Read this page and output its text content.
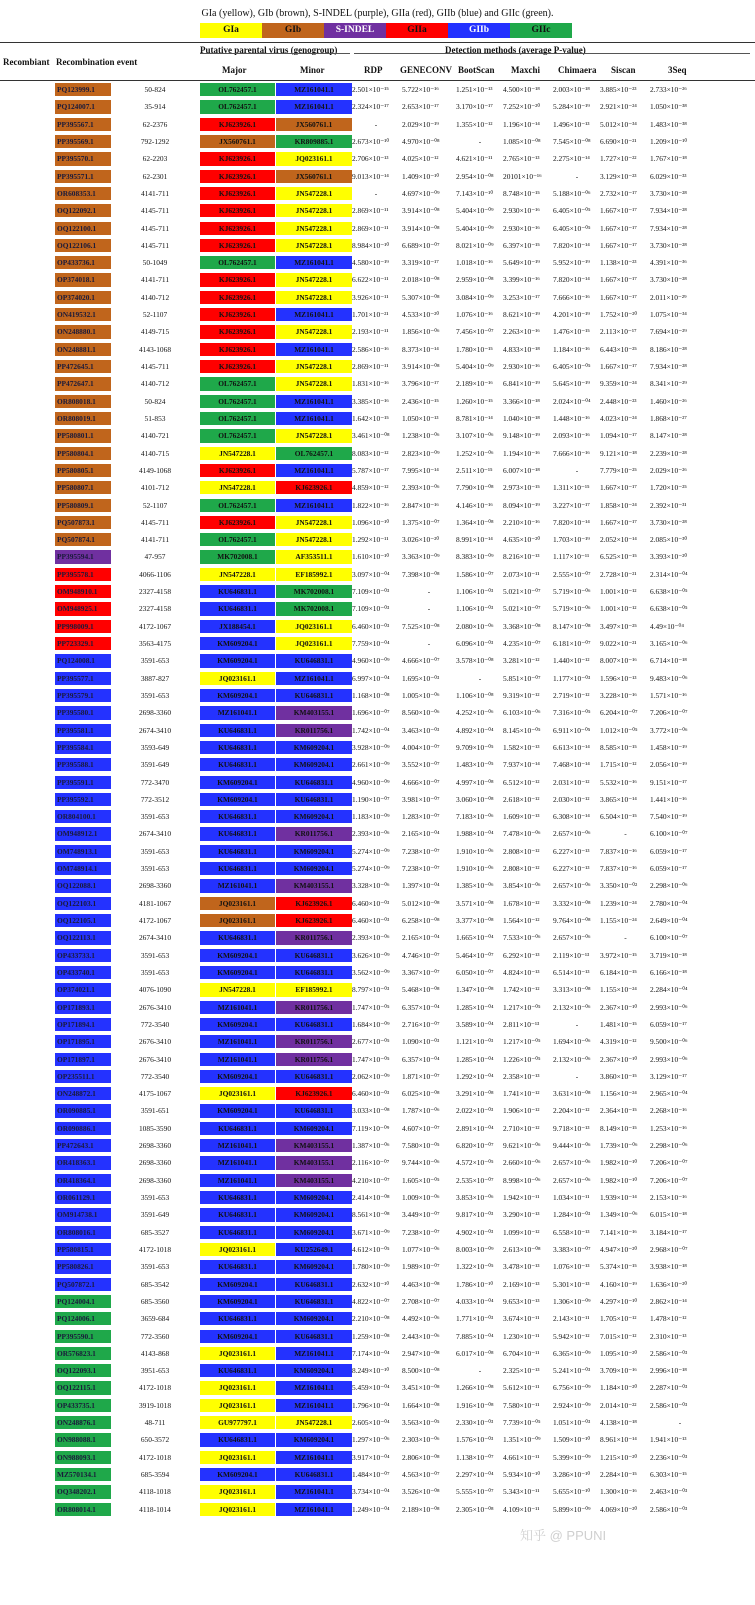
GIa (yellow), GIb (brown), S-INDEL (purple), GIIa (red), GIIb (blue) and GIIc (green).
GIa	GIb	S-INDEL	GIIa	GIIb	GIIc
Recombiant Recombination event
Putative parental virus (genogroup)
Major	Minor
Detection methods (average P-value)
RDP GENECONV BootScan Maxchi Chimaera Siscan	3Seq
PQ123999.1	50-824	OL762457.1	MZ161041.1	2.501×10⁻¹⁵	5.722×10⁻¹⁶	1.251×10⁻¹³	4.500×10⁻¹⁸	2.003×10⁻¹⁸	3.885×10⁻²³	2.733×10⁻²⁶
PQ124007.1	35-914	OL762457.1	MZ161041.1	2.324×10⁻¹⁷	2.653×10⁻¹⁷	3.170×10⁻¹⁷	7.252×10⁻²⁰	5.284×10⁻¹⁹	2.921×10⁻²⁴	1.050×10⁻³⁸
PP395567.1	62-2376	KJ623926.1	JX560761.1	-	2.029×10⁻¹⁹	1.355×10⁻¹²	1.196×10⁻¹⁴	1.496×10⁻¹³	5.012×10⁻³⁴	1.483×10⁻³⁸
PP395569.1	792-1292	JX560761.1	KR809885.1	2.673×10⁻¹⁰	4.970×10⁻⁰⁸	-	1.085×10⁻⁰⁸	7.545×10⁻⁰⁸	6.690×10⁻²¹	1.209×10⁻¹⁰
PP395570.1	62-2203	KJ623926.1	JQ023161.1	2.706×10⁻¹³	4.025×10⁻¹²	4.621×10⁻¹¹	2.765×10⁻¹³	2.275×10⁻¹⁴	1.727×10⁻²²	1.767×10⁻¹⁸
PP395571.1	62-2301	KJ623926.1	JX560761.1	9.013×10⁻¹⁴	1.409×10⁻¹⁰	2.954×10⁻⁰⁸	20101×10⁻¹⁶	-	3.129×10⁻²³	6.029×10⁻³³
OR608353.1	4141-711	KJ623926.1	JN547228.1	-	4.697×10⁻⁰⁹	7.143×10⁻¹⁰	8.748×10⁻¹⁵	5.188×10⁻⁰⁶	2.732×10⁻¹⁷	3.730×10⁻²⁸
OQ122092.1	4145-711	KJ623926.1	JN547228.1	2.869×10⁻¹¹	3.914×10⁻⁰⁸	5.404×10⁻⁰⁹	2.930×10⁻¹⁶	6.405×10⁻⁰⁵	1.667×10⁻¹⁷	7.934×10⁻²⁸
OQ122100.1	4145-711	KJ623926.1	JN547228.1	2.869×10⁻¹¹	3.914×10⁻⁰⁸	5.404×10⁻⁰⁹	2.930×10⁻¹⁶	6.405×10⁻⁰⁵	1.667×10⁻¹⁷	7.934×10⁻²⁸
OQ122106.1	4145-711	KJ623926.1	JN547228.1	8.984×10⁻¹⁰	6.689×10⁻⁰⁷	8.021×10⁻⁰⁹	6.397×10⁻¹⁵	7.820×10⁻¹⁴	1.667×10⁻¹⁷	3.730×10⁻²⁸
OP433736.1	50-1049	OL762457.1	MZ161041.1	4.580×10⁻¹⁹	3.319×10⁻¹⁷	1.018×10⁻¹⁶	5.649×10⁻¹⁹	5.952×10⁻¹⁹	1.138×10⁻²³	4.391×10⁻³⁶
OP374018.1	4141-711	KJ623926.1	JN547228.1	6.622×10⁻¹¹	2.018×10⁻⁰⁸	2.959×10⁻⁰⁸	3.399×10⁻¹⁶	7.820×10⁻¹⁴	1.667×10⁻¹⁷	3.730×10⁻²⁸
OP374020.1	4140-712	KJ623926.1	JN547228.1	3.926×10⁻¹¹	5.307×10⁻⁰⁸	3.084×10⁻⁰⁹	3.253×10⁻¹⁷	7.666×10⁻¹⁶	1.667×10⁻¹⁷	2.011×10⁻²⁹
ON419532.1	52-1107	KJ623926.1	MZ161041.1	1.701×10⁻²¹	4.533×10⁻²⁰	1.076×10⁻¹⁶	8.621×10⁻¹⁹	4.201×10⁻¹⁹	1.752×10⁻²⁰	1.075×10⁻³⁴
ON248880.1	4149-715	KJ623926.1	JN547228.1	2.193×10⁻¹¹	1.856×10⁻⁰⁶	7.456×10⁻⁰⁷	2.263×10⁻¹⁶	1.476×10⁻¹⁵	2.113×10⁻¹⁷	7.694×10⁻²⁹
ON248881.1	4143-1068	KJ623926.1	MZ161041.1	2.586×10⁻¹⁶	8.373×10⁻¹⁴	1.780×10⁻¹⁵	4.833×10⁻¹⁸	1.184×10⁻¹⁶	6.443×10⁻²⁵	8.186×10⁻²⁸
PP472645.1	4145-711	KJ623926.1	JN547228.1	2.869×10⁻¹¹	3.914×10⁻⁰⁸	5.404×10⁻⁰⁹	2.930×10⁻¹⁶	6.405×10⁻⁰⁵	1.667×10⁻¹⁷	7.934×10⁻²⁸
PP472647.1	4140-712	OL762457.1	JN547228.1	1.831×10⁻¹⁶	3.796×10⁻¹⁷	2.189×10⁻¹⁶	6.841×10⁻¹⁹	5.645×10⁻¹⁹	9.359×10⁻²⁴	8.341×10⁻²⁹
OR808018.1	50-824	OL762457.1	MZ161041.1	3.385×10⁻¹⁶	2.436×10⁻¹⁵	1.260×10⁻¹⁵	3.366×10⁻¹⁸	2.024×10⁻⁰⁴	2.448×10⁻²³	1.460×10⁻²⁶
OR808019.1	51-853	OL762457.1	MZ161041.1	1.642×10⁻¹⁵	1.050×10⁻¹³	8.781×10⁻¹⁴	1.040×10⁻¹⁸	1.448×10⁻¹⁶	4.023×10⁻²⁴	1.868×10⁻²⁷
PP580801.1	4140-721	OL762457.1	JN547228.1	3.461×10⁻⁰⁸	1.238×10⁻⁰⁶	3.107×10⁻⁰⁶	9.148×10⁻¹⁹	2.093×10⁻¹⁶	1.094×10⁻¹⁷	8.147×10⁻²⁸
PP580804.1	4140-715	JN547228.1	OL762457.1	8.083×10⁻¹²	2.823×10⁻⁰⁹	1.252×10⁻⁰⁶	1.194×10⁻¹⁶	7.666×10⁻¹⁶	9.121×10⁻¹⁸	2.239×10⁻²⁸
PP580805.1	4149-1068	KJ623926.1	MZ161041.1	5.787×10⁻¹⁷	7.995×10⁻¹⁴	2.511×10⁻¹⁵	6.007×10⁻¹⁸	-	7.779×10⁻²⁵	2.029×10⁻²⁶
PP580807.1	4101-712	JN547228.1	KJ623926.1	4.859×10⁻¹²	2.393×10⁻⁰⁶	7.790×10⁻⁰⁸	2.973×10⁻¹⁵	1.311×10⁻¹⁵	1.667×10⁻¹⁷	1.720×10⁻²⁵
PP580809.1	52-1107	OL762457.1	MZ161041.1	1.822×10⁻¹⁶	2.847×10⁻¹⁶	4.146×10⁻¹⁶	8.094×10⁻¹⁹	3.227×10⁻¹⁷	1.858×10⁻²⁴	2.392×10⁻³¹
PQ507873.1	4145-711	KJ623926.1	JN547228.1	1.096×10⁻¹⁰	1.375×10⁻⁰⁷	1.364×10⁻⁰⁸	2.210×10⁻¹⁶	7.820×10⁻¹⁴	1.667×10⁻¹⁷	3.730×10⁻²⁸
PQ507874.1	4141-711	OL762457.1	JN547228.1	1.292×10⁻¹¹	3.026×10⁻²⁰	8.991×10⁻¹⁴	4.635×10⁻²⁰	1.703×10⁻¹⁹	2.052×10⁻¹⁴	2.085×10⁻³⁰
PP395594.1	47-957	MK702008.1	AF353511.1	1.610×10⁻¹⁰	3.363×10⁻⁰⁹	8.383×10⁻⁰⁹	8.216×10⁻¹³	1.117×10⁻¹¹	6.525×10⁻¹⁵	3.393×10⁻²⁰
PP395578.1	4066-1106	JN547228.1	EF185992.1	3.097×10⁻⁰⁴	7.398×10⁻⁰⁸	1.586×10⁻⁰⁷	2.073×10⁻¹¹	2.555×10⁻⁰⁷	2.728×10⁻²¹	2.314×10⁻⁰⁴
OM948910.1	2327-4158	KU646831.1	MK702008.1	7.109×10⁻⁰³	-	1.106×10⁻⁰³	5.021×10⁻⁰⁷	5.719×10⁻⁰⁶	1.001×10⁻¹²	6.638×10⁻⁰⁵
OM948925.1	2327-4158	KU646831.1	MK702008.1	7.109×10⁻⁰³	-	1.106×10⁻⁰³	5.021×10⁻⁰⁷	5.719×10⁻⁰⁶	1.001×10⁻¹²	6.638×10⁻⁰⁵
PP998009.1	4172-1067	JX188454.1	JQ023161.1	6.460×10⁻⁰³	7.525×10⁻⁰⁸	2.080×10⁻⁰⁶	3.368×10⁻⁰⁸	8.147×10⁻⁰⁸	3.497×10⁻²⁵	4.49×10⁻⁰⁴
PP723329.1	3563-4175	KM609204.1	JQ023161.1	7.759×10⁻⁰⁴	-	6.096×10⁻⁰³	4.235×10⁻⁰⁷	6.181×10⁻⁰⁷	9.022×10⁻²¹	3.165×10⁻⁰⁶
PQ124008.1	3591-653	KM609204.1	KU646831.1	4.960×10⁻⁰⁹	4.666×10⁻⁰⁷	3.578×10⁻⁰⁸	3.281×10⁻¹²	1.440×10⁻¹²	8.007×10⁻¹⁶	6.714×10⁻¹⁸
PP395577.1	3887-827	JQ023161.1	MZ161041.1	6.997×10⁻⁰⁴	1.695×10⁻⁰³	-	5.851×10⁻⁰⁷	1.177×10⁻⁰³	1.596×10⁻¹³	9.483×10⁻⁰⁶
PP395579.1	3591-653	KM609204.1	KU646831.1	1.168×10⁻⁰⁸	1.005×10⁻⁰⁶	1.106×10⁻⁰⁸	9.319×10⁻¹²	2.719×10⁻¹²	3.228×10⁻¹⁶	1.571×10⁻¹⁶
PP395580.1	2698-3360	MZ161041.1	KM403155.1	1.696×10⁻⁰⁷	8.560×10⁻⁰⁶	4.252×10⁻⁰⁶	6.103×10⁻⁰⁶	7.316×10⁻⁰⁵	6.204×10⁻⁰⁷	7.206×10⁻⁰⁷
PP395581.1	2674-3410	KU646831.1	KR011756.1	1.742×10⁻⁰⁴	3.463×10⁻⁰³	4.892×10⁻⁰⁴	8.145×10⁻⁰⁵	6.911×10⁻⁰⁵	1.012×10⁻⁰⁵	3.772×10⁻⁰⁶
PP395584.1	3593-649	KU646831.1	KM609204.1	3.928×10⁻⁰⁹	4.004×10⁻⁰⁷	9.709×10⁻⁰⁵	1.582×10⁻¹³	6.613×10⁻¹⁴	8.585×10⁻¹⁵	1.458×10⁻¹⁹
PP395588.1	3591-649	KU646831.1	KM609204.1	2.661×10⁻⁰⁹	3.552×10⁻⁰⁷	1.483×10⁻⁰⁵	7.937×10⁻¹⁴	7.468×10⁻¹⁴	1.715×10⁻¹²	2.056×10⁻¹⁹
PP395591.1	772-3470	KM609204.1	KU646831.1	4.960×10⁻⁰⁹	4.666×10⁻⁰⁷	4.997×10⁻⁰⁸	6.512×10⁻¹²	2.031×10⁻¹²	5.532×10⁻¹⁶	9.151×10⁻¹⁷
PP395592.1	772-3512	KM609204.1	KU646831.1	1.190×10⁻⁰⁷	3.981×10⁻⁰⁷	3.060×10⁻⁰⁸	2.618×10⁻¹²	2.030×10⁻¹²	3.865×10⁻¹⁴	1.441×10⁻¹⁶
OR804100.1	3591-653	KU646831.1	KM609204.1	1.183×10⁻⁰⁹	1.283×10⁻⁰⁷	7.183×10⁻⁰⁶	1.609×10⁻¹³	6.308×10⁻¹⁴	6.504×10⁻¹⁵	7.540×10⁻¹⁹
OM948912.1	2674-3410	KU646831.1	KR011756.1	2.393×10⁻⁰⁶	2.165×10⁻⁰⁴	1.988×10⁻⁰⁴	7.478×10⁻⁰⁶	2.657×10⁻⁰⁶	-	6.100×10⁻⁰⁷
OM748913.1	3591-653	KU646831.1	KM609204.1	5.274×10⁻⁰⁹	7.238×10⁻⁰⁷	1.910×10⁻⁰⁶	2.808×10⁻¹²	6.227×10⁻¹³	7.837×10⁻¹⁶	6.059×10⁻¹⁷
OM748914.1	3591-653	KU646831.1	KM609204.1	5.274×10⁻⁰⁹	7.238×10⁻⁰⁷	1.910×10⁻⁰⁶	2.808×10⁻¹²	6.227×10⁻¹³	7.837×10⁻¹⁶	6.059×10⁻¹⁷
OQ122088.1	2698-3360	MZ161041.1	KM403155.1	3.328×10⁻⁰⁶	1.397×10⁻⁰⁴	1.385×10⁻⁰⁶	3.854×10⁻⁰⁶	2.657×10⁻⁰⁶	3.350×10⁻⁰²	2.298×10⁻⁰⁶
OQ122103.1	4181-1067	JQ023161.1	KJ623926.1	6.460×10⁻⁰³	5.012×10⁻⁰⁸	3.571×10⁻⁰⁸	1.678×10⁻¹²	3.332×10⁻⁰⁸	1.239×10⁻²⁴	2.780×10⁻⁰⁴
OQ122105.1	4172-1067	JQ023161.1	KJ623926.1	6.460×10⁻⁰³	6.258×10⁻⁰⁸	3.377×10⁻⁰⁸	1.564×10⁻¹²	9.764×10⁻⁰⁸	1.155×10⁻²⁴	2.649×10⁻⁰⁴
OQ122113.1	2674-3410	KU646831.1	KR011756.1	2.393×10⁻⁰⁶	2.165×10⁻⁰⁴	1.665×10⁻⁰⁴	7.533×10⁻⁰⁶	2.657×10⁻⁰⁶	-	6.100×10⁻⁰⁷
OP433733.1	3591-653	KM609204.1	KU646831.1	3.626×10⁻⁰⁹	4.746×10⁻⁰⁷	5.464×10⁻⁰⁷	6.292×10⁻¹³	2.119×10⁻¹³	3.972×10⁻¹⁵	3.719×10⁻¹⁸
OP433740.1	3591-653	KM609204.1	KU646831.1	3.562×10⁻⁰⁹	3.367×10⁻⁰⁷	6.050×10⁻⁰⁷	4.824×10⁻¹³	6.514×10⁻¹³	6.184×10⁻¹⁵	6.166×10⁻¹⁸
OP374021.1	4076-1090	JN547228.1	EF185992.1	8.797×10⁻⁰³	5.468×10⁻⁰⁸	1.347×10⁻⁰⁸	1.742×10⁻¹²	3.313×10⁻⁰⁸	1.155×10⁻²⁴	2.284×10⁻⁰⁴
OP171893.1	2676-3410	MZ161041.1	KR011756.1	1.747×10⁻⁰⁵	6.357×10⁻⁰⁴	1.285×10⁻⁰⁴	1.217×10⁻⁰⁵	2.132×10⁻⁰⁶	2.367×10⁻¹⁰	2.993×10⁻⁰⁶
OP171894.1	772-3540	KM609204.1	KU646831.1	1.684×10⁻⁰⁹	2.716×10⁻⁰⁷	3.589×10⁻⁰⁴	2.811×10⁻¹³	-	1.481×10⁻¹⁵	6.059×10⁻¹⁷
OP171895.1	2676-3410	MZ161041.1	KR011756.1	2.677×10⁻⁰⁵	1.090×10⁻⁰³	1.121×10⁻⁰³	1.217×10⁻⁰⁵	1.694×10⁻⁰⁶	4.319×10⁻¹²	9.500×10⁻⁰⁶
OP171897.1	2676-3410	MZ161041.1	KR011756.1	1.747×10⁻⁰⁵	6.357×10⁻⁰⁴	1.285×10⁻⁰⁴	1.226×10⁻⁰⁵	2.132×10⁻⁰⁶	2.367×10⁻¹⁰	2.993×10⁻⁰⁶
OP235511.1	772-3540	KM609204.1	KU646831.1	2.062×10⁻⁰⁹	1.871×10⁻⁰⁷	1.292×10⁻⁰⁴	2.358×10⁻¹³	-	3.860×10⁻¹⁵	3.129×10⁻¹⁷
ON248872.1	4175-1067	JQ023161.1	KJ623926.1	6.460×10⁻⁰³	6.025×10⁻⁰⁸	3.291×10⁻⁰⁸	1.741×10⁻¹²	3.631×10⁻⁰⁸	1.156×10⁻²⁴	2.965×10⁻⁰⁴
OR090885.1	3591-651	KM609204.1	KU646831.1	3.033×10⁻⁰⁸	1.787×10⁻⁰⁶	2.022×10⁻⁰³	1.906×10⁻¹²	2.204×10⁻¹²	2.364×10⁻¹⁵	2.268×10⁻¹⁶
OR090886.1	1085-3590	KU646831.1	KM609204.1	7.119×10⁻⁰⁹	4.607×10⁻⁰⁷	2.891×10⁻⁰⁴	2.710×10⁻¹²	9.718×10⁻¹³	8.149×10⁻¹⁵	1.253×10⁻¹⁶
PP472643.1	2698-3360	MZ161041.1	KM403155.1	1.387×10⁻⁰⁶	7.580×10⁻⁰⁵	6.820×10⁻⁰⁷	9.621×10⁻⁰⁶	9.444×10⁻⁰⁶	1.739×10⁻⁰⁶	2.298×10⁻⁰⁶
OR418363.1	2698-3360	MZ161041.1	KM403155.1	2.116×10⁻⁰⁷	9.744×10⁻⁰⁶	4.572×10⁻⁰⁵	2.660×10⁻⁰⁶	2.657×10⁻⁰⁶	1.982×10⁻¹⁰	7.206×10⁻⁰⁷
OR418364.1	2698-3360	MZ161041.1	KM403155.1	4.210×10⁻⁰⁷	1.605×10⁻⁰⁵	2.535×10⁻⁰⁷	8.998×10⁻⁰⁶	2.657×10⁻⁰⁶	1.982×10⁻¹⁰	7.206×10⁻⁰⁷
OR061129.1	3591-653	KU646831.1	KM609204.1	2.414×10⁻⁰⁸	1.009×10⁻⁰⁶	3.853×10⁻⁰⁶	1.942×10⁻¹¹	1.034×10⁻¹¹	1.939×10⁻¹⁴	2.153×10⁻¹⁶
OM914738.1	3591-649	KU646831.1	KM609204.1	8.561×10⁻⁰⁸	3.449×10⁻⁰⁷	9.817×10⁻⁰³	3.290×10⁻¹³	1.284×10⁻⁰³	1.349×10⁻⁰⁶	6.015×10⁻¹⁸
OR808016.1	685-3527	KU646831.1	KM609204.1	3.671×10⁻⁰⁹	7.238×10⁻⁰⁷	4.902×10⁻⁰³	1.099×10⁻¹²	6.558×10⁻¹³	7.141×10⁻¹⁶	3.184×10⁻¹⁷
PP580815.1	4172-1018	JQ023161.1	KU252649.1	4.612×10⁻⁰⁵	1.077×10⁻⁰⁶	8.003×10⁻⁰⁹	2.613×10⁻⁰⁸	3.383×10⁻⁰⁷	4.947×10⁻²⁰	2.968×10⁻⁰⁷
PP580826.1	3591-653	KU646831.1	KM609204.1	1.780×10⁻⁰⁹	1.989×10⁻⁰⁷	1.322×10⁻⁰⁵	3.478×10⁻¹³	1.076×10⁻¹³	5.374×10⁻¹⁵	3.938×10⁻¹⁸
PQ507872.1	685-3542	KM609204.1	KU646831.1	2.632×10⁻¹⁰	4.463×10⁻⁰⁸	1.786×10⁻¹⁰	2.169×10⁻¹³	5.301×10⁻¹³	4.160×10⁻¹⁹	1.636×10⁻²⁰
PQ124004.1	685-3560	KM609204.1	KU646831.1	4.822×10⁻⁰⁷	2.708×10⁻⁰⁷	4.033×10⁻⁰⁴	9.653×10⁻¹³	1.306×10⁻⁰⁹	4.297×10⁻¹⁰	2.862×10⁻¹⁴
PQ124006.1	3659-684	KU646831.1	KM609204.1	2.210×10⁻⁰⁸	4.492×10⁻⁰⁶	1.771×10⁻⁰³	3.674×10⁻¹¹	2.143×10⁻¹¹	1.705×10⁻¹²	1.478×10⁻¹²
PP395590.1	772-3560	KM609204.1	KU646831.1	1.259×10⁻⁰⁸	2.443×10⁻⁰⁶	7.885×10⁻⁰⁴	1.230×10⁻¹¹	5.942×10⁻¹²	7.015×10⁻¹²	2.310×10⁻¹³
OR576823.1	4143-868	JQ023161.1	MZ161041.1	7.174×10⁻⁰⁴	2.947×10⁻⁰⁸	6.017×10⁻⁰⁸	6.704×10⁻¹¹	6.365×10⁻⁰⁹	1.095×10⁻²⁰	2.586×10⁻⁰³
OQ122093.1	3951-653	KU646831.1	KM609204.1	8.249×10⁻¹⁰	8.500×10⁻⁰⁸	-	2.325×10⁻¹³	5.241×10⁻⁰³	3.709×10⁻¹⁶	2.996×10⁻¹⁸
OQ122115.1	4172-1018	JQ023161.1	MZ161041.1	5.459×10⁻⁰⁴	3.451×10⁻⁰⁸	1.266×10⁻⁰⁸	5.612×10⁻¹¹	6.756×10⁻⁰⁹	1.184×10⁻²⁰	2.287×10⁻⁰³
OP433735.1	3919-1018	JQ023161.1	MZ161041.1	1.796×10⁻⁰⁴	1.664×10⁻⁰⁸	1.916×10⁻⁰⁸	7.580×10⁻¹¹	2.924×10⁻⁰⁹	2.014×10⁻²²	2.586×10⁻⁰³
ON248876.1	48-711	GU977797.1	JN547228.1	2.605×10⁻⁰⁴	3.563×10⁻⁰⁵	2.330×10⁻⁰³	7.739×10⁻⁰⁵	1.051×10⁻⁰³	4.138×10⁻¹⁸	-
ON988088.1	650-3572	KU646831.1	KM609204.1	1.297×10⁻⁰⁶	2.303×10⁻⁰⁶	1.576×10⁻⁰³	1.351×10⁻⁰⁹	1.509×10⁻¹⁰	8.961×10⁻¹⁴	1.941×10⁻¹³
ON988093.1	4172-1018	JQ023161.1	MZ161041.1	3.917×10⁻⁰⁴	2.806×10⁻⁰⁸	1.138×10⁻⁰⁷	4.661×10⁻¹¹	5.399×10⁻⁰⁹	1.215×10⁻²⁰	2.236×10⁻⁰³
MZ570134.1	685-3594	KM609204.1	KU646831.1	1.484×10⁻⁰⁷	4.563×10⁻⁰⁷	2.297×10⁻⁰⁴	5.934×10⁻¹⁰	3.286×10⁻¹⁰	2.284×10⁻¹⁵	6.303×10⁻¹⁵
OQ348202.1	4118-1018	JQ023161.1	MZ161041.1	3.734×10⁻⁰⁴	3.526×10⁻⁰⁸	5.555×10⁻⁰⁷	5.343×10⁻¹¹	5.655×10⁻¹⁰	1.300×10⁻¹⁶	2.463×10⁻⁰³
OR808014.1	4118-1014	JQ023161.1	MZ161041.1	1.249×10⁻⁰⁴	2.189×10⁻⁰⁸	2.305×10⁻⁰⁸	4.109×10⁻¹¹	5.899×10⁻⁰⁹	4.069×10⁻²⁰	2.586×10⁻⁰³
知乎 @ PPUNI
